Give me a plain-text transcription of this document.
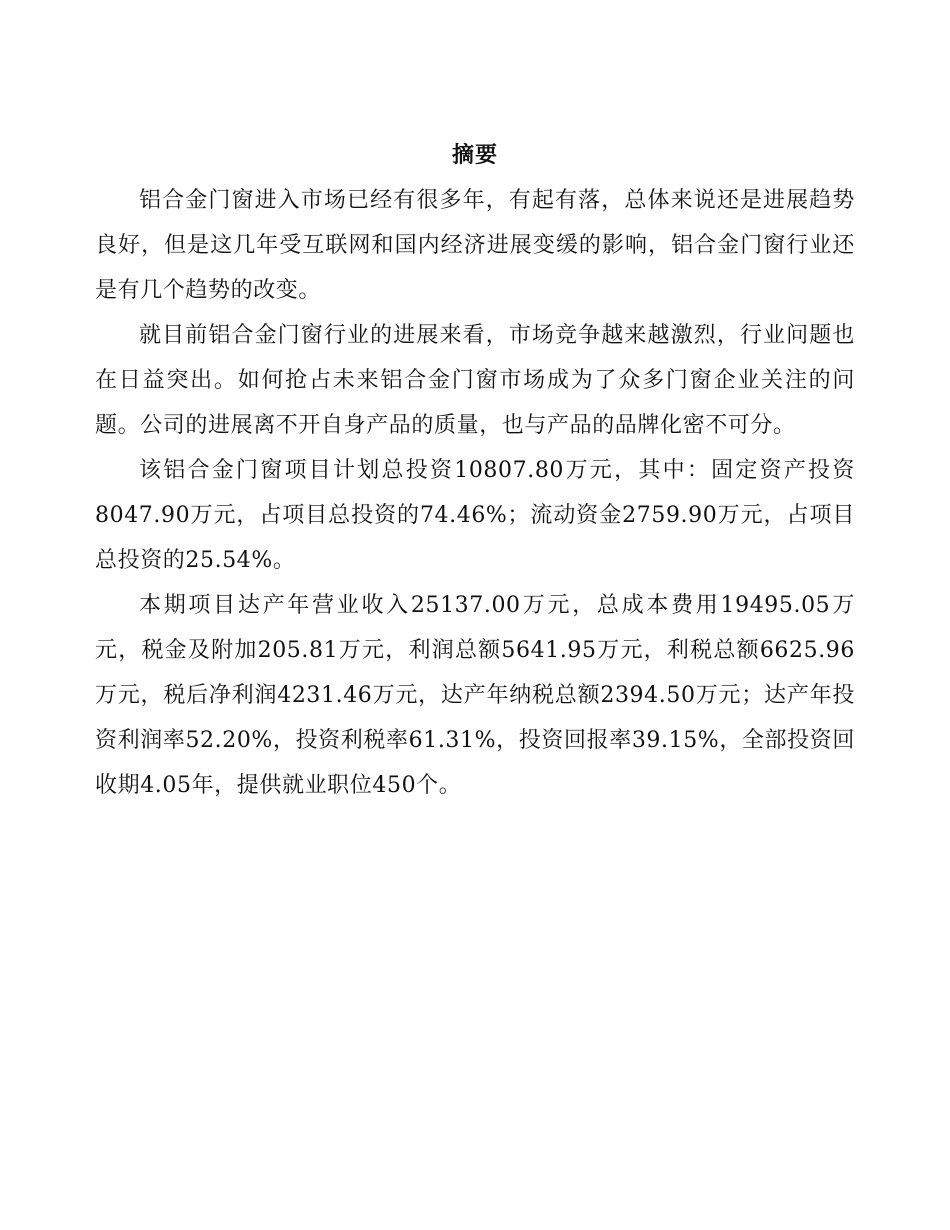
摘要

铝合金门窗进入市场已经有很多年，有起有落，总体来说还是进展趋势良好，但是这几年受互联网和国内经济进展变缓的影响，铝合金门窗行业还是有几个趋势的改变。

就目前铝合金门窗行业的进展来看，市场竞争越来越激烈，行业问题也在日益突出。如何抢占未来铝合金门窗市场成为了众多门窗企业关注的问题。公司的进展离不开自身产品的质量，也与产品的品牌化密不可分。

该铝合金门窗项目计划总投资10807.80万元，其中：固定资产投资8047.90万元，占项目总投资的74.46%；流动资金2759.90万元，占项目总投资的25.54%。

本期项目达产年营业收入25137.00万元，总成本费用19495.05万元，税金及附加205.81万元，利润总额5641.95万元，利税总额6625.96万元，税后净利润4231.46万元，达产年纳税总额2394.50万元；达产年投资利润率52.20%，投资利税率61.31%，投资回报率39.15%，全部投资回收期4.05年，提供就业职位450个。
